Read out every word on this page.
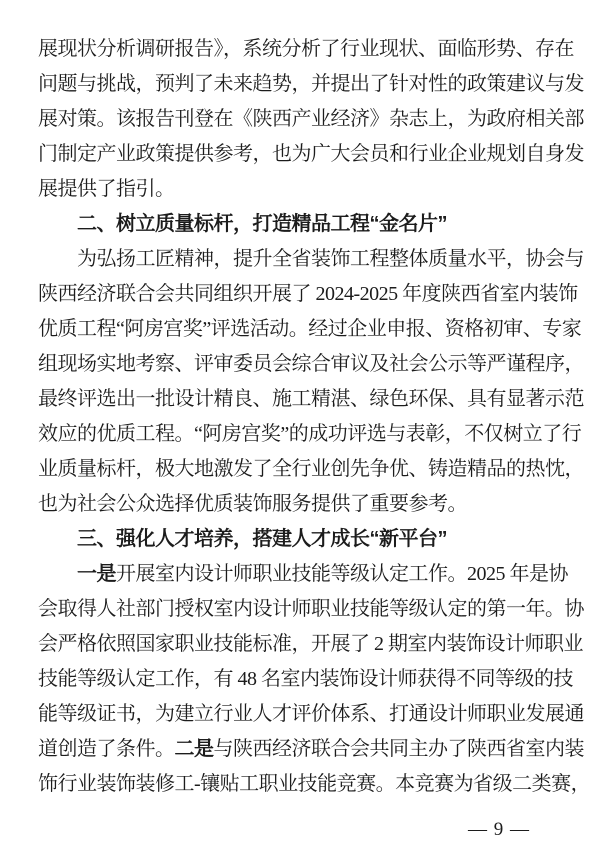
展现状分析调研报告》，系统分析了行业现状、面临形势、存在
问题与挑战，预判了未来趋势，并提出了针对性的政策建议与发
展对策。该报告刊登在《陕西产业经济》杂志上，为政府相关部
门制定产业政策提供参考，也为广大会员和行业企业规划自身发
展提供了指引。
二、树立质量标杆，打造精品工程“金名片”
为弘扬工匠精神，提升全省装饰工程整体质量水平，协会与
陕西经济联合会共同组织开展了 2024-2025 年度陕西省室内装饰
优质工程“阿房宫奖”评选活动。经过企业申报、资格初审、专家
组现场实地考察、评审委员会综合审议及社会公示等严谨程序，
最终评选出一批设计精良、施工精湛、绿色环保、具有显著示范
效应的优质工程。“阿房宫奖”的成功评选与表彰，不仅树立了行
业质量标杆，极大地激发了全行业创先争优、铸造精品的热忱，
也为社会公众选择优质装饰服务提供了重要参考。
三、强化人才培养，搭建人才成长“新平台”
一是开展室内设计师职业技能等级认定工作。2025 年是协
会取得人社部门授权室内设计师职业技能等级认定的第一年。协
会严格依照国家职业技能标准，开展了 2 期室内装饰设计师职业
技能等级认定工作，有 48 名室内装饰设计师获得不同等级的技
能等级证书，为建立行业人才评价体系、打通设计师职业发展通
道创造了条件。二是与陕西经济联合会共同主办了陕西省室内装
饰行业装饰装修工-镶贴工职业技能竞赛。本竞赛为省级二类赛，
— 9 —
